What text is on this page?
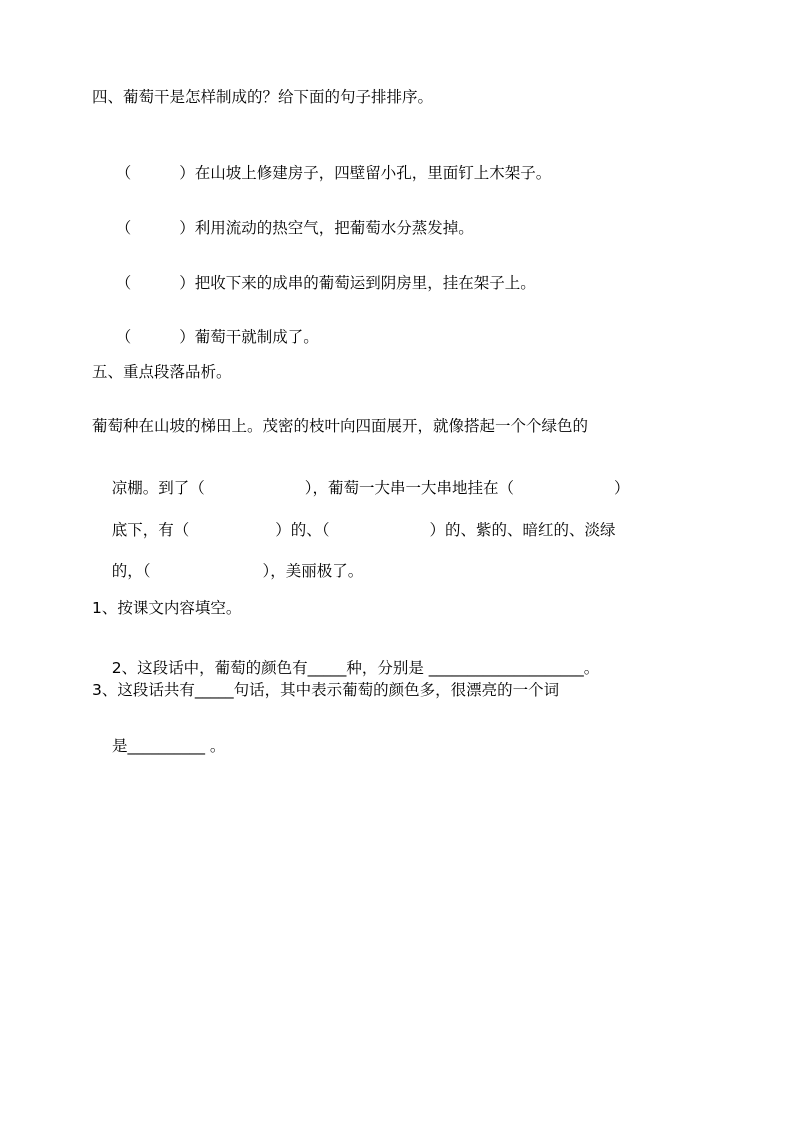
四、葡萄干是怎样制成的？给下面的句子排排序。

（	）在山坡上修建房子，四壁留小孔，里面钉上木架子。

（	）利用流动的热空气，把葡萄水分蒸发掉。

（	）把收下来的成串的葡萄运到阴房里，挂在架子上。

（	）葡萄干就制成了。

五、重点段落品析。
葡萄种在山坡的梯田上。茂密的枝叶向四面展开，就像搭起一个个绿色的

凉棚。到了（	），葡萄一大串一大串地挂在（	）

底下，有（	）的、（	）的、紫的、暗红的、淡绿

的，（	），美丽极了。

1、按课文内容填空。

2、这段话中，葡萄的颜色有_____种，分别是 ____________________。

3、这段话共有_____句话，其中表示葡萄的颜色多，很漂亮的一个词
是__________ 。
